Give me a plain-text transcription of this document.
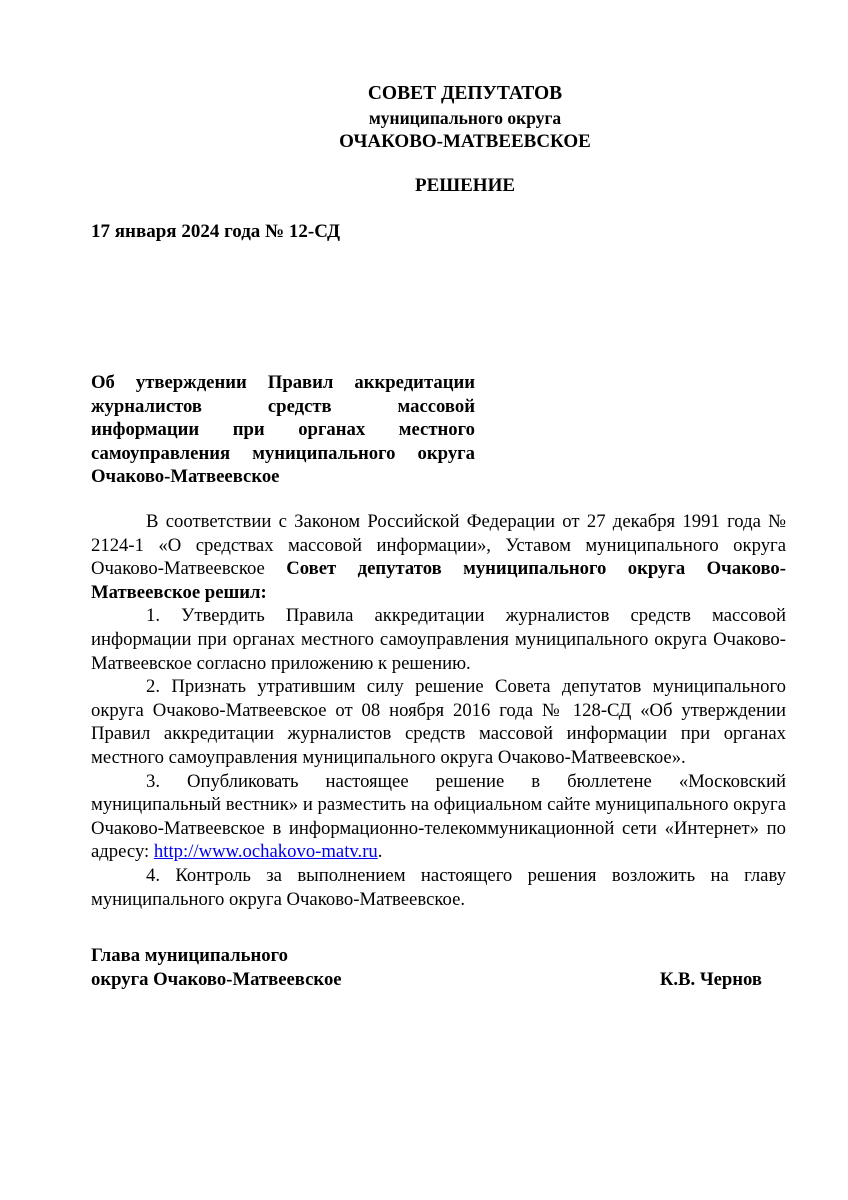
СОВЕТ ДЕПУТАТОВ
муниципального округа
ОЧАКОВО-МАТВЕЕВСКОЕ
РЕШЕНИЕ
17 января 2024 года № 12-СД
Об утверждении Правил аккредитации
журналистов средств массовой
информации при органах местного
самоуправления муниципального округа
Очаково-Матвеевское

В соответствии с Законом Российской Федерации от 27 декабря 1991 года № 2124-1 «О средствах массовой информации», Уставом муниципального округа Очаково-Матвеевское Совет депутатов муниципального округа Очаково-Матвеевское решил:

1. Утвердить Правила аккредитации журналистов средств массовой информации при органах местного самоуправления муниципального округа Очаково-Матвеевское согласно приложению к решению.

2. Признать утратившим силу решение Совета депутатов муниципального округа Очаково-Матвеевское от 08 ноября 2016 года № 128-СД «Об утверждении Правил аккредитации журналистов средств массовой информации при органах местного самоуправления муниципального округа Очаково-Матвеевское».

3. Опубликовать настоящее решение в бюллетене «Московский муниципальный вестник» и разместить на официальном сайте муниципального округа Очаково-Матвеевское в информационно-телекоммуникационной сети «Интернет» по адресу: http://www.ochakovo-matv.ru.

4. Контроль за выполнением настоящего решения возложить на главу муниципального округа Очаково-Матвеевское.

Глава муниципального
округа Очаково-Матвеевское	К.В. Чернов
